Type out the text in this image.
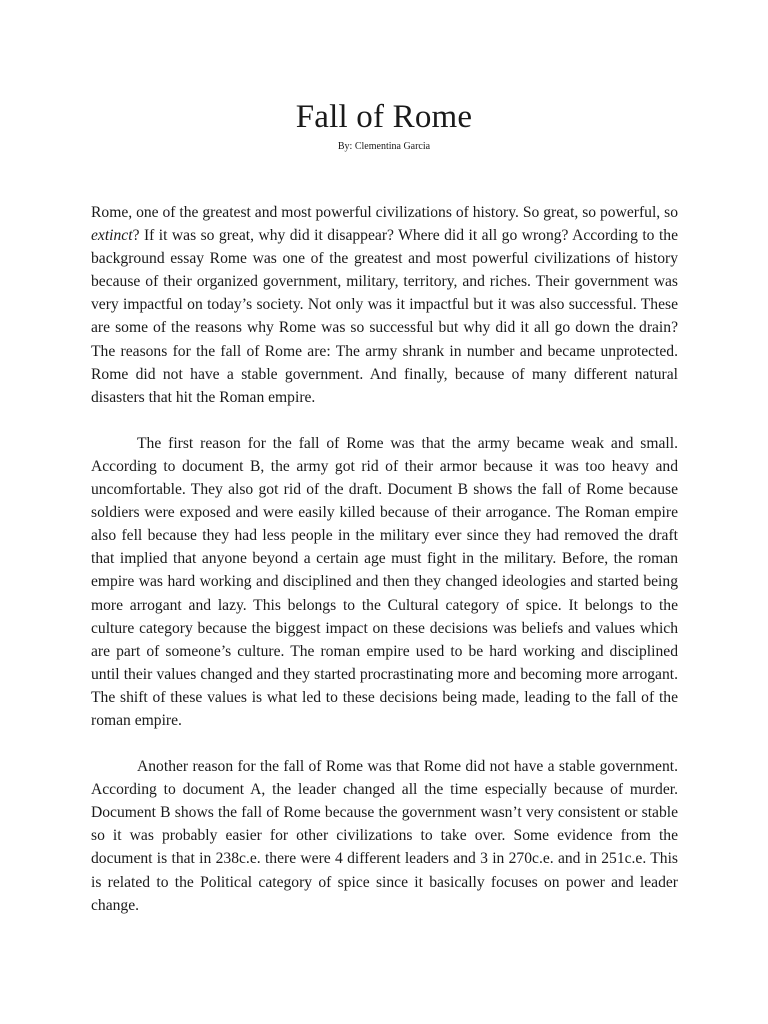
Fall of Rome
By: Clementina Garcia

Rome, one of the greatest and most powerful civilizations of history. So great, so powerful, so extinct? If it was so great, why did it disappear? Where did it all go wrong? According to the background essay Rome was one of the greatest and most powerful civilizations of history because of their organized government, military, territory, and riches. Their government was very impactful on today’s society. Not only was it impactful but it was also successful. These are some of the reasons why Rome was so successful but why did it all go down the drain? The reasons for the fall of Rome are: The army shrank in number and became unprotected. Rome did not have a stable government. And finally, because of many different natural disasters that hit the Roman empire.

The first reason for the fall of Rome was that the army became weak and small. According to document B, the army got rid of their armor because it was too heavy and uncomfortable. They also got rid of the draft. Document B shows the fall of Rome because soldiers were exposed and were easily killed because of their arrogance. The Roman empire also fell because they had less people in the military ever since they had removed the draft that implied that anyone beyond a certain age must fight in the military. Before, the roman empire was hard working and disciplined and then they changed ideologies and started being more arrogant and lazy. This belongs to the Cultural category of spice. It belongs to the culture category because the biggest impact on these decisions was beliefs and values which are part of someone’s culture. The roman empire used to be hard working and disciplined until their values changed and they started procrastinating more and becoming more arrogant. The shift of these values is what led to these decisions being made, leading to the fall of the roman empire.

Another reason for the fall of Rome was that Rome did not have a stable government. According to document A, the leader changed all the time especially because of murder. Document B shows the fall of Rome because the government wasn’t very consistent or stable so it was probably easier for other civilizations to take over. Some evidence from the document is that in 238c.e. there were 4 different leaders and 3 in 270c.e. and in 251c.e. This is related to the Political category of spice since it basically focuses on power and leader change.
